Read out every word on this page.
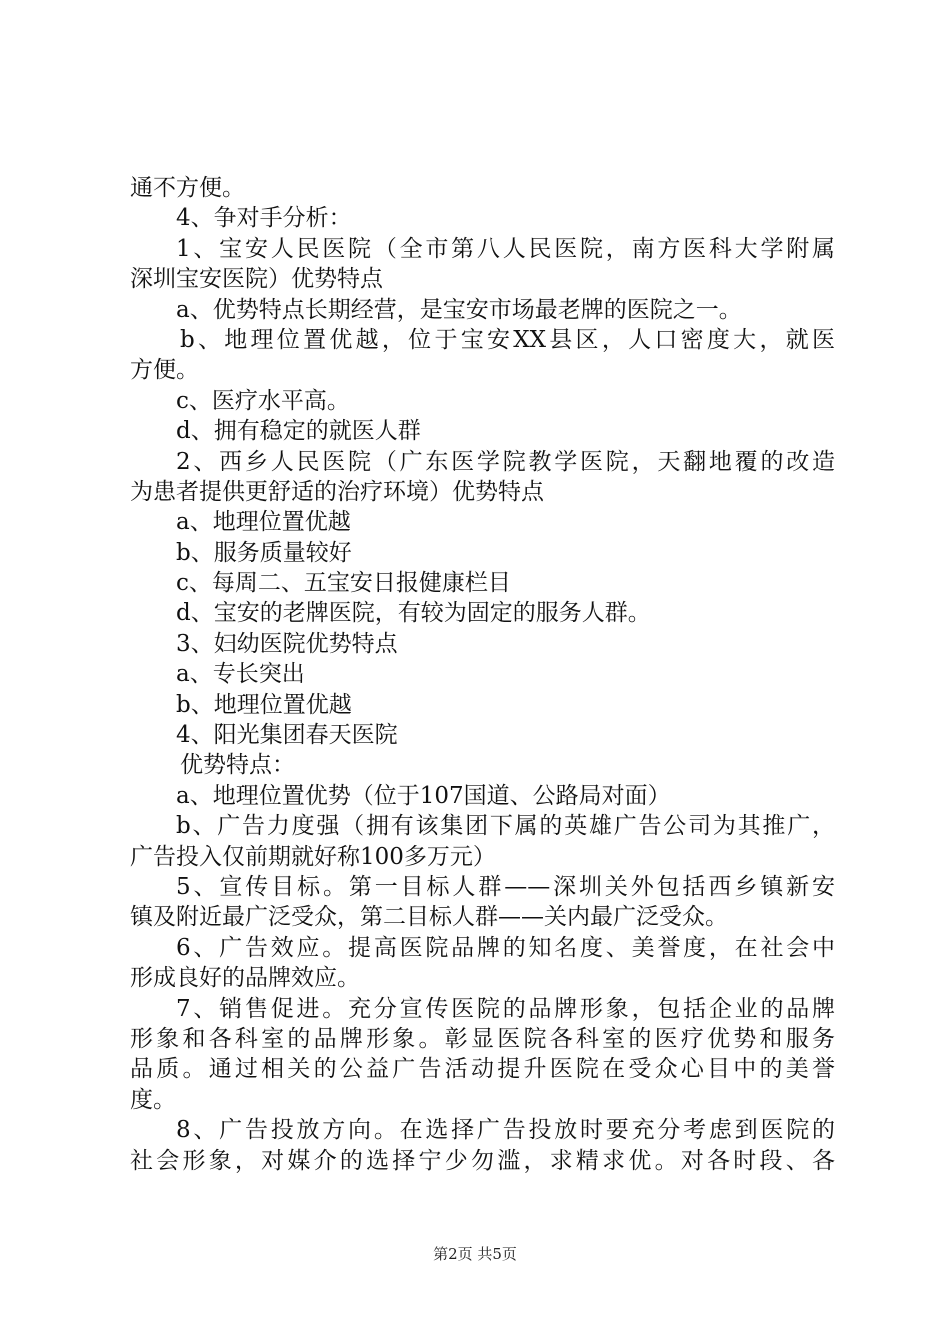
通不方便。
4、争对手分析：
1、宝安人民医院（全市第八人民医院，南方医科大学附属
深圳宝安医院）优势特点
a、优势特点长期经营，是宝安市场最老牌的医院之一。
b、地理位置优越，位于宝安XX县区，人口密度大，就医
方便。
c、医疗水平高。
d、拥有稳定的就医人群
2、西乡人民医院（广东医学院教学医院，天翻地覆的改造
为患者提供更舒适的治疗环境）优势特点
a、地理位置优越
b、服务质量较好
c、每周二、五宝安日报健康栏目
d、宝安的老牌医院，有较为固定的服务人群。
3、妇幼医院优势特点
a、专长突出
b、地理位置优越
4、阳光集团春天医院
优势特点：
a、地理位置优势（位于107国道、公路局对面）
b、广告力度强（拥有该集团下属的英雄广告公司为其推广，
广告投入仅前期就好称100多万元）
5、宣传目标。第一目标人群——深圳关外包括西乡镇新安
镇及附近最广泛受众，第二目标人群——关内最广泛受众。
6、广告效应。提高医院品牌的知名度、美誉度，在社会中
形成良好的品牌效应。
7、销售促进。充分宣传医院的品牌形象，包括企业的品牌
形象和各科室的品牌形象。彰显医院各科室的医疗优势和服务
品质。通过相关的公益广告活动提升医院在受众心目中的美誉
度。
8、广告投放方向。在选择广告投放时要充分考虑到医院的
社会形象，对媒介的选择宁少勿滥，求精求优。对各时段、各
第2页 共5页
